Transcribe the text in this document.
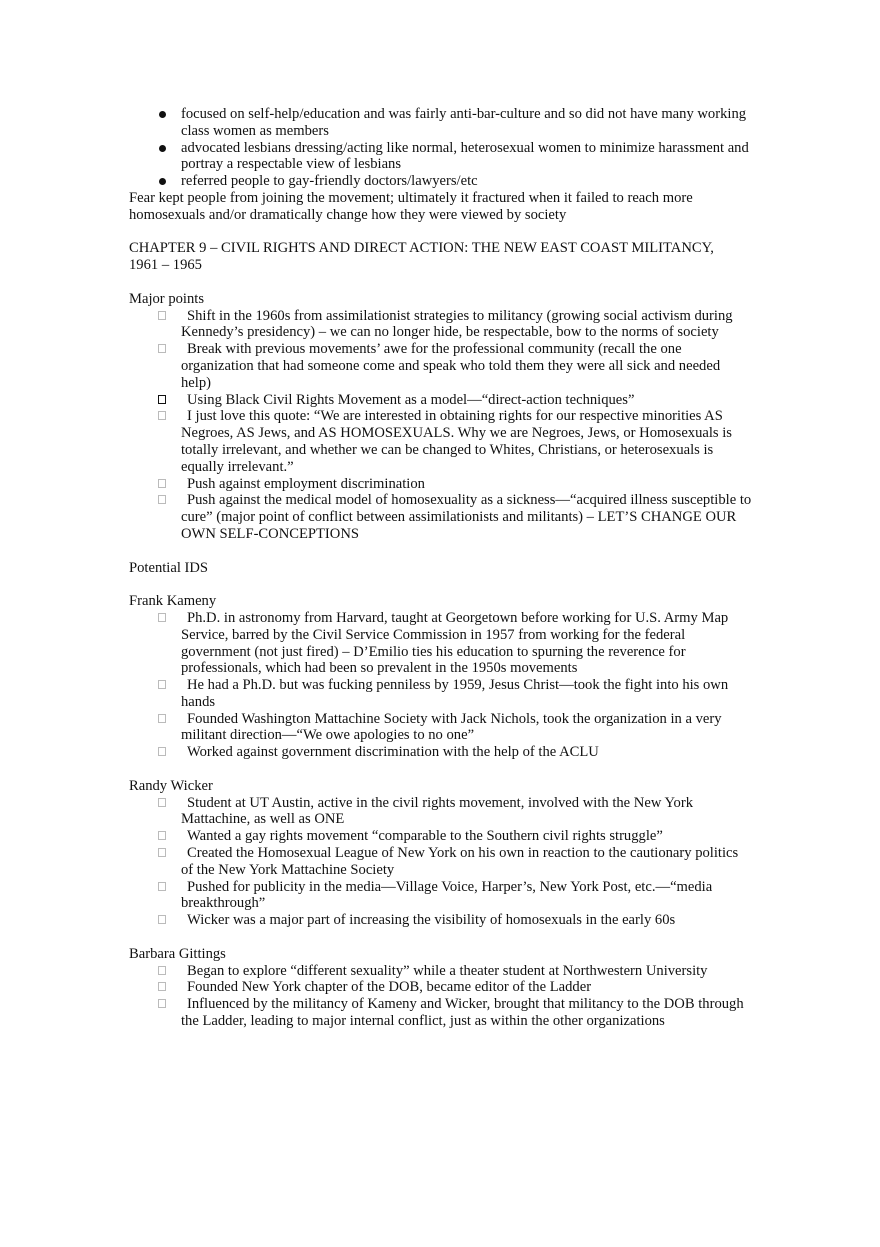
focused on self-help/education and was fairly anti-bar-culture and so did not have many working class women as members
advocated lesbians dressing/acting like normal, heterosexual women to minimize harassment and portray a respectable view of lesbians
referred people to gay-friendly doctors/lawyers/etc

Fear kept people from joining the movement; ultimately it fractured when it failed to reach more homosexuals and/or dramatically change how they were viewed by society

CHAPTER 9 – CIVIL RIGHTS AND DIRECT ACTION: THE NEW EAST COAST MILITANCY, 1961 – 1965

Major points

Shift in the 1960s from assimilationist strategies to militancy (growing social activism during Kennedy’s presidency) – we can no longer hide, be respectable, bow to the norms of society
Break with previous movements’ awe for the professional community (recall the one organization that had someone come and speak who told them they were all sick and needed help)
Using Black Civil Rights Movement as a model—“direct-action techniques”
I just love this quote: “We are interested in obtaining rights for our respective minorities AS Negroes, AS Jews, and AS HOMOSEXUALS. Why we are Negroes, Jews, or Homosexuals is totally irrelevant, and whether we can be changed to Whites, Christians, or heterosexuals is equally irrelevant.”
Push against employment discrimination
Push against the medical model of homosexuality as a sickness—“acquired illness susceptible to cure” (major point of conflict between assimilationists and militants) – LET’S CHANGE OUR OWN SELF-CONCEPTIONS

Potential IDS

Frank Kameny

Ph.D. in astronomy from Harvard, taught at Georgetown before working for U.S. Army Map Service, barred by the Civil Service Commission in 1957 from working for the federal government (not just fired) – D’Emilio ties his education to spurning the reverence for professionals, which had been so prevalent in the 1950s movements
He had a Ph.D. but was fucking penniless by 1959, Jesus Christ—took the fight into his own hands
Founded Washington Mattachine Society with Jack Nichols, took the organization in a very militant direction—“We owe apologies to no one”
Worked against government discrimination with the help of the ACLU

Randy Wicker

Student at UT Austin, active in the civil rights movement, involved with the New York Mattachine, as well as ONE
Wanted a gay rights movement “comparable to the Southern civil rights struggle”
Created the Homosexual League of New York on his own in reaction to the cautionary politics of the New York Mattachine Society
Pushed for publicity in the media—Village Voice, Harper’s, New York Post, etc.—“media breakthrough”
Wicker was a major part of increasing the visibility of homosexuals in the early 60s

Barbara Gittings

Began to explore “different sexuality” while a theater student at Northwestern University
Founded New York chapter of the DOB, became editor of the Ladder
Influenced by the militancy of Kameny and Wicker, brought that militancy to the DOB through the Ladder, leading to major internal conflict, just as within the other organizations
